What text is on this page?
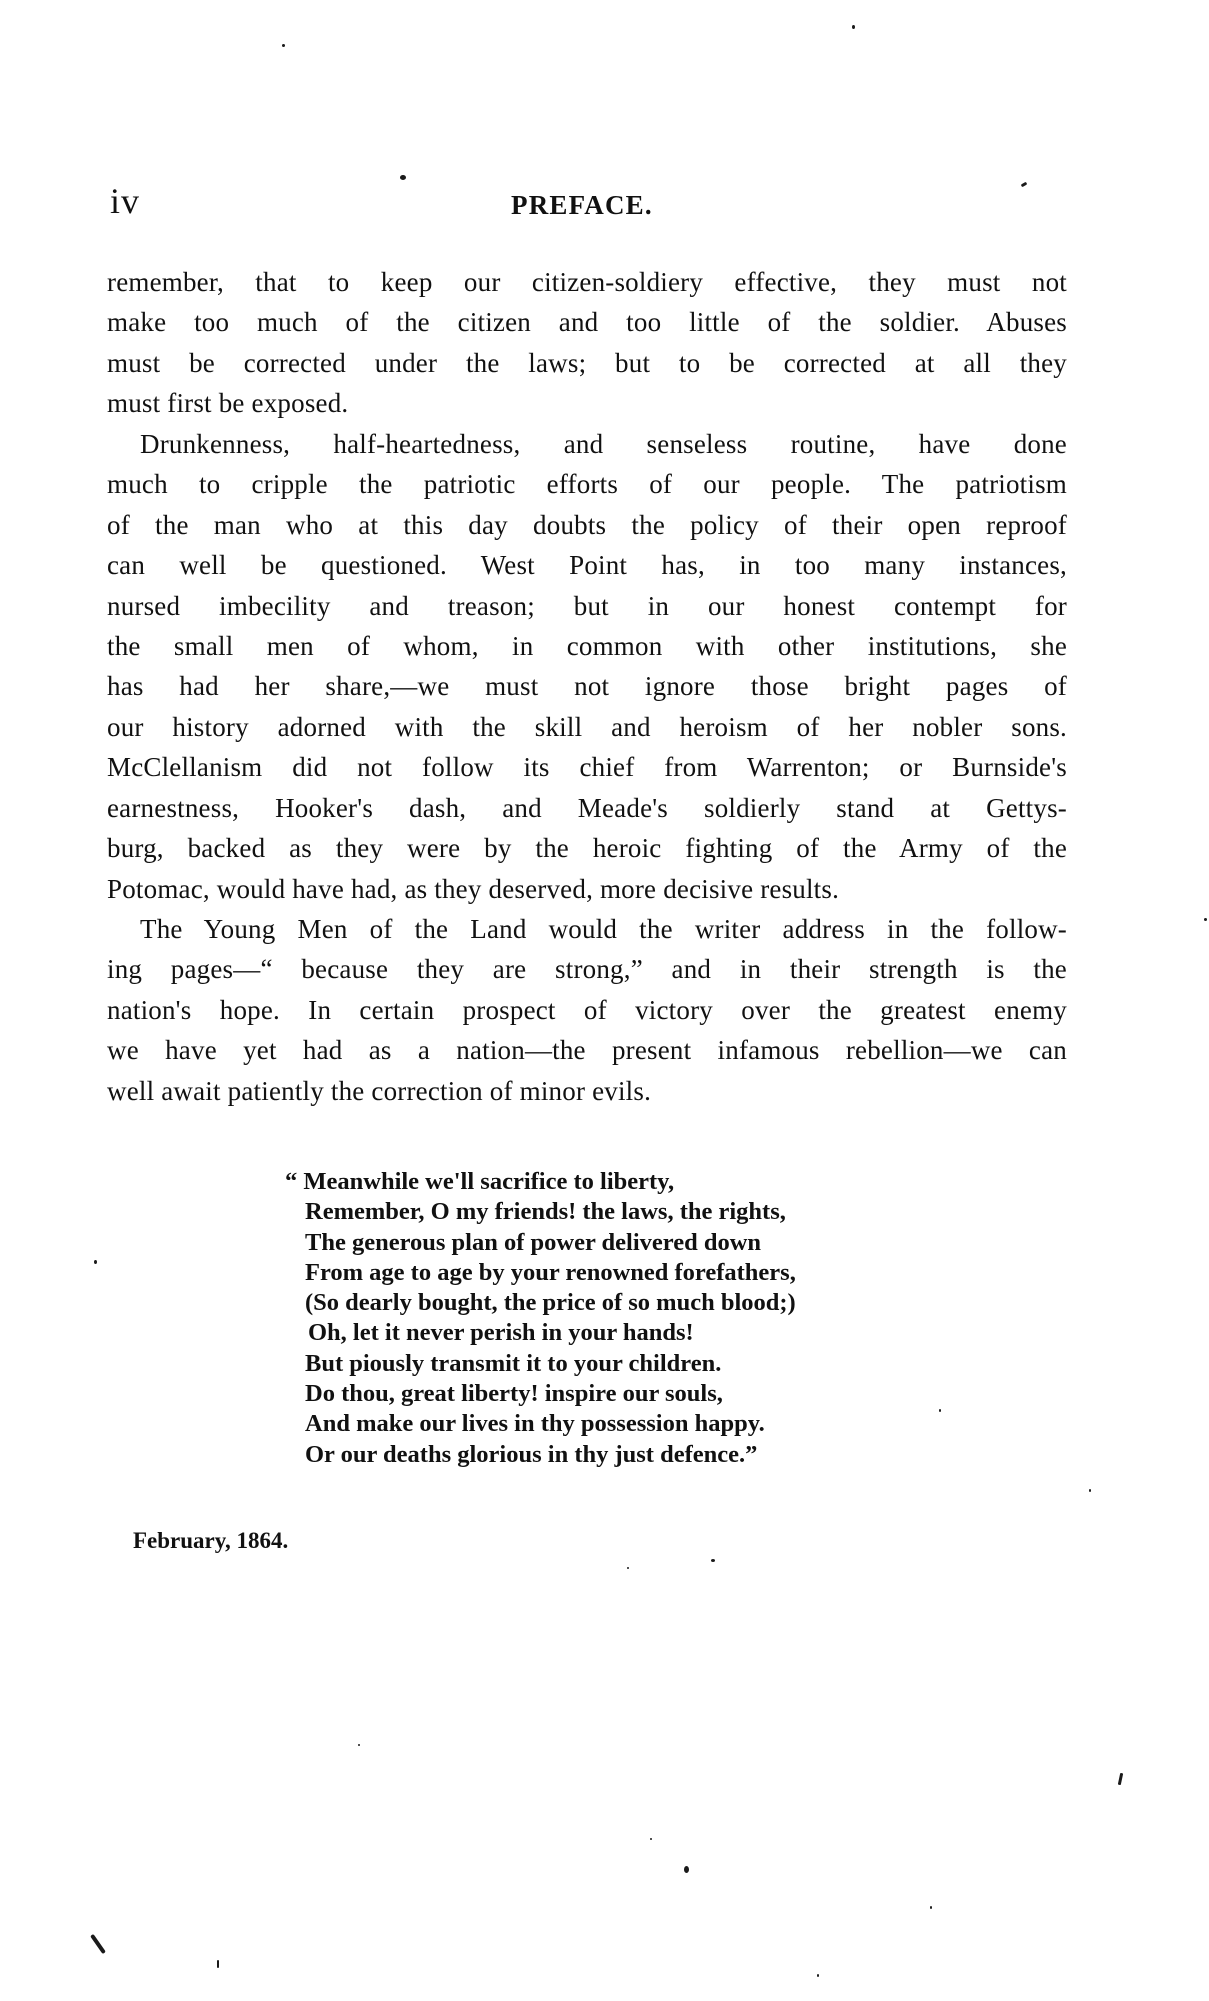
iv	PREFACE.
remember, that to keep our citizen-soldiery effective, they must not
make too much of the citizen and too little of the soldier. Abuses
must be corrected under the laws; but to be corrected at all they
must first be exposed.
Drunkenness, half-heartedness, and senseless routine, have done
much to cripple the patriotic efforts of our people. The patriotism
of the man who at this day doubts the policy of their open reproof
can well be questioned. West Point has, in too many instances,
nursed imbecility and treason; but in our honest contempt for
the small men of whom, in common with other institutions, she
has had her share,—we must not ignore those bright pages of
our history adorned with the skill and heroism of her nobler sons.
McClellanism did not follow its chief from Warrenton; or Burnside's
earnestness, Hooker's dash, and Meade's soldierly stand at Gettys-
burg, backed as they were by the heroic fighting of the Army of the
Potomac, would have had, as they deserved, more decisive results.
The Young Men of the Land would the writer address in the follow-
ing pages—“ because they are strong,” and in their strength is the
nation's hope. In certain prospect of victory over the greatest enemy
we have yet had as a nation—the present infamous rebellion—we can
well await patiently the correction of minor evils.
“ Meanwhile we'll sacrifice to liberty,
Remember, O my friends! the laws, the rights,
The generous plan of power delivered down
From age to age by your renowned forefathers,
(So dearly bought, the price of so much blood;)
Oh, let it never perish in your hands!
But piously transmit it to your children.
Do thou, great liberty! inspire our souls,
And make our lives in thy possession happy.
Or our deaths glorious in thy just defence.”
February, 1864.
